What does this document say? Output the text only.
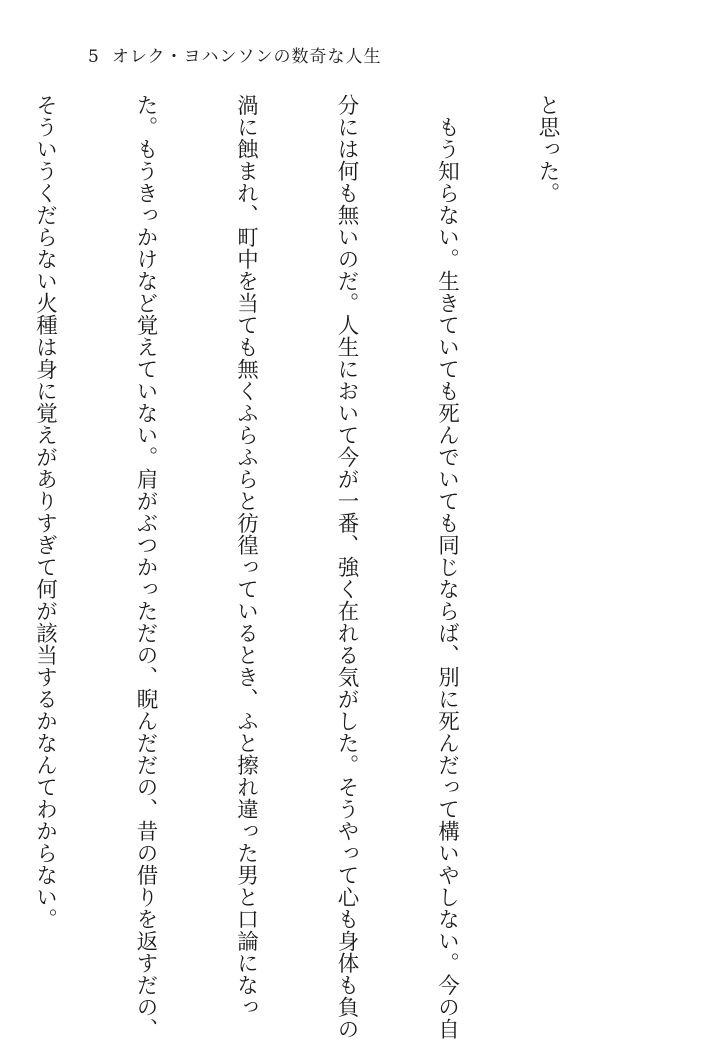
5 オレク・ヨハンソンの数奇な人生

と思った。

もう知らない。生きていても死んでいても同じならば、別に死んだって構いやしない。今の自

分には何も無いのだ。人生において今が一番、強く在れる気がした。そうやって心も身体も負の

渦に蝕まれ、町中を当ても無くふらふらと彷徨っているとき、ふと擦れ違った男と口論になっ

た。もうきっかけなど覚えていない。肩がぶつかっただの、睨んだだの、昔の借りを返すだの、

そういうくだらない火種は身に覚えがありすぎて何が該当するかなんてわからない。
